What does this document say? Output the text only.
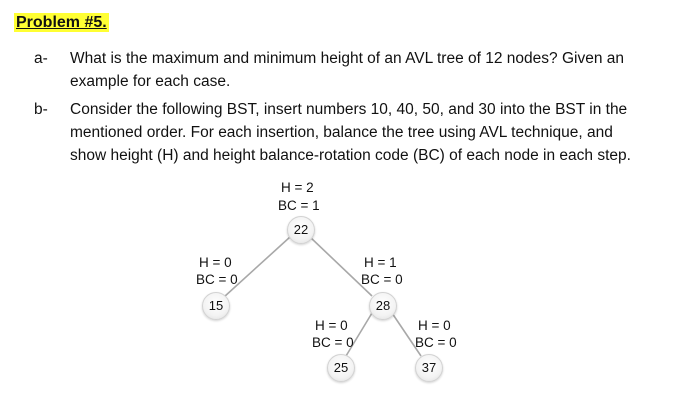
Problem #5.
a- What is the maximum and minimum height of an AVL tree of 12 nodes? Given an example for each case.
b- Consider the following BST, insert numbers 10, 40, 50, and 30 into the BST in the mentioned order. For each insertion, balance the tree using AVL technique, and show height (H) and height balance-rotation code (BC) of each node in each step.
H = 2
BC = 1
22
H = 0
BC = 0
15
H = 1
BC = 0
28
H = 0
BC = 0
25
H = 0
BC = 0
37
